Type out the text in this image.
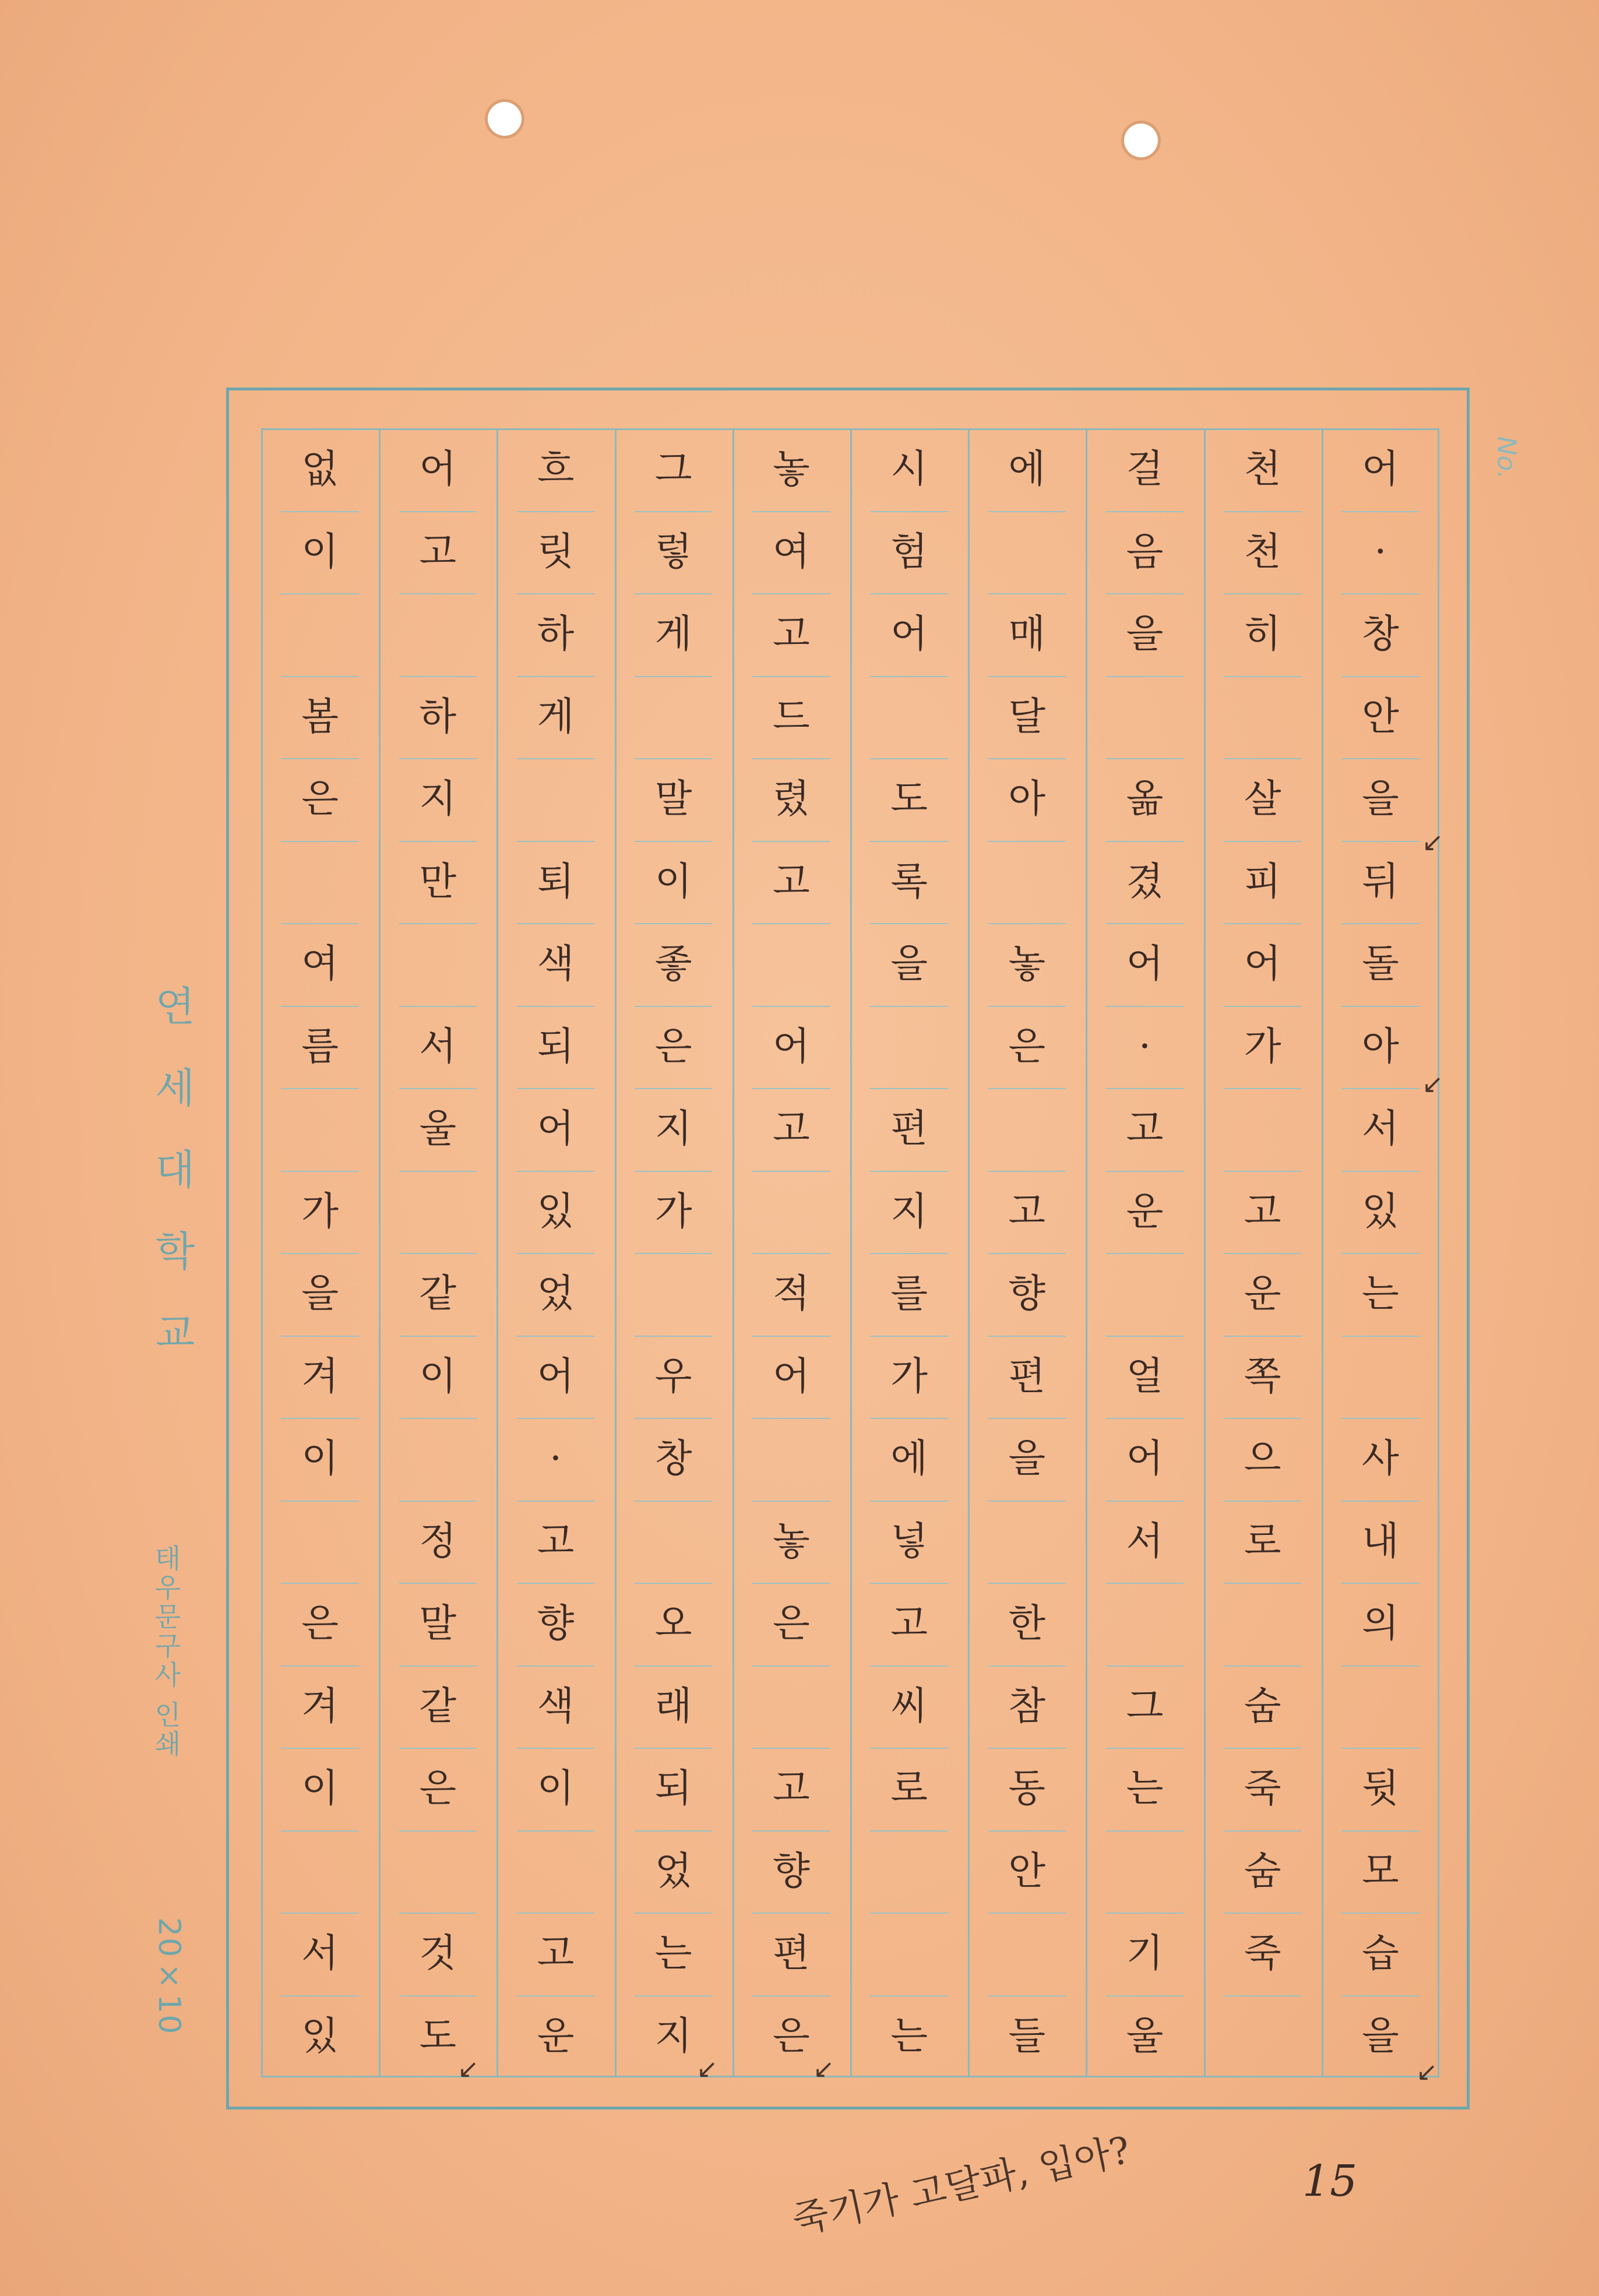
No.
어
·
창
안
을
뒤
돌
아
서
있
는
사
내
의
뒷
모
습
을
천
천
히
살
피
어
가
고
운
쪽
으
로
숨
죽
숨
죽
걸
음
을
옮
겼
어
·
고
운
얼
어
서
그
는
기
울
에
매
달
아
놓
은
고
향
편
을
한
참
동
안
들
시
험
어
도
록
을
편
지
를
가
에
넣
고
씨
로
는
놓
여
고
드
렸
고
어
고
적
어
놓
은
고
향
편
은
그
렇
게
말
이
좋
은
지
가
우
창
오
래
되
었
는
지
흐
릿
하
게
퇴
색
되
어
있
었
어
·
고
향
색
이
고
운
어
고
하
지
만
서
울
같
이
정
말
같
은
것
도
없
이
봄
은
여
름
가
을
겨
이
은
겨
이
서
있
연세대학교
태우문구사 인쇄
20×10
15
죽기가 고달파, 입아?
↙
↙
↙
↙
↙
↙
